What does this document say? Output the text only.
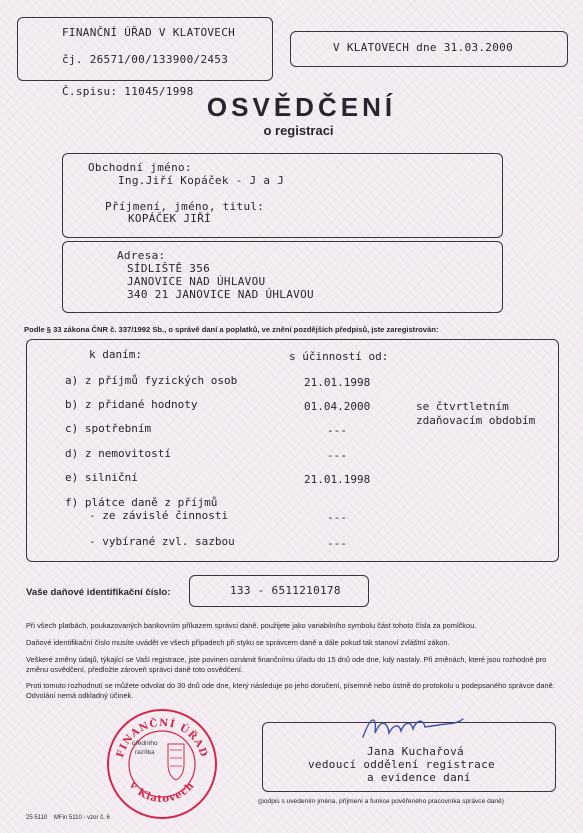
FINANČNÍ ÚŘAD V KLATOVECH
čj. 26571/00/133900/2453
V KLATOVECH dne 31.03.2000
Č.spisu: 11045/1998
OSVĚDČENÍ
o registraci
Obchodní jméno:
Ing.Jiří Kopáček - J a J
Příjmení, jméno, titul:
KOPÁČEK JIŘÍ
Adresa:
SÍDLIŠTĚ 356
JANOVICE NAD ÚHLAVOU
340 21 JANOVICE NAD ÚHLAVOU
Podle § 33 zákona ČNR č. 337/1992 Sb., o správě daní a poplatků, ve znění pozdějších předpisů, jste zaregistrován:
k daním:	s účinností od:
a) z příjmů fyzických osob	21.01.1998
b) z přidané hodnoty	01.04.2000	se čtvrtletním
zdaňovacím obdobím
c) spotřebním	---
d) z nemovitostí	---
e) silniční	21.01.1998
f) plátce daně z příjmů
- ze závislé činnosti	---
- vybírané zvl. sazbou	---
Vaše daňové identifikační číslo:	133 - 6511210178
Při všech platbách, poukazovaných bankovním příkazem správci daně, použijete jako variabilního symbolu část tohoto čísla za pomlčkou.
Daňové identifikační číslo musíte uvádět ve všech případech při styku se správcem daně a dále pokud tak stanoví zvláštní zákon.
Veškeré změny údajů, týkající se Vaší registrace, jste povinen oznámit finančnímu úřadu do 15 dnů ode dne, kdy nastaly. Při změnách, které jsou rozhodné pro změnu osvědčení, předložte zároveň správci daně toto osvědčení.
Proti tomuto rozhodnutí se můžete odvolat do 30 dnů ode dne, který následuje po jeho doručení, písemně nebo ústně do protokolu u podepsaného správce daně. Odvolání nemá odkladný účinek.
FINANČNÍ ÚŘAD
v Klatovech
úředního
razítka	Jana Kuchařová
vedoucí oddělení registrace
a evidence daní
(podpis s uvedením jména, příjmení a funkce pověřeného pracovníka správce daně)
25 5110    MFin 5110 - vzor č. 6
